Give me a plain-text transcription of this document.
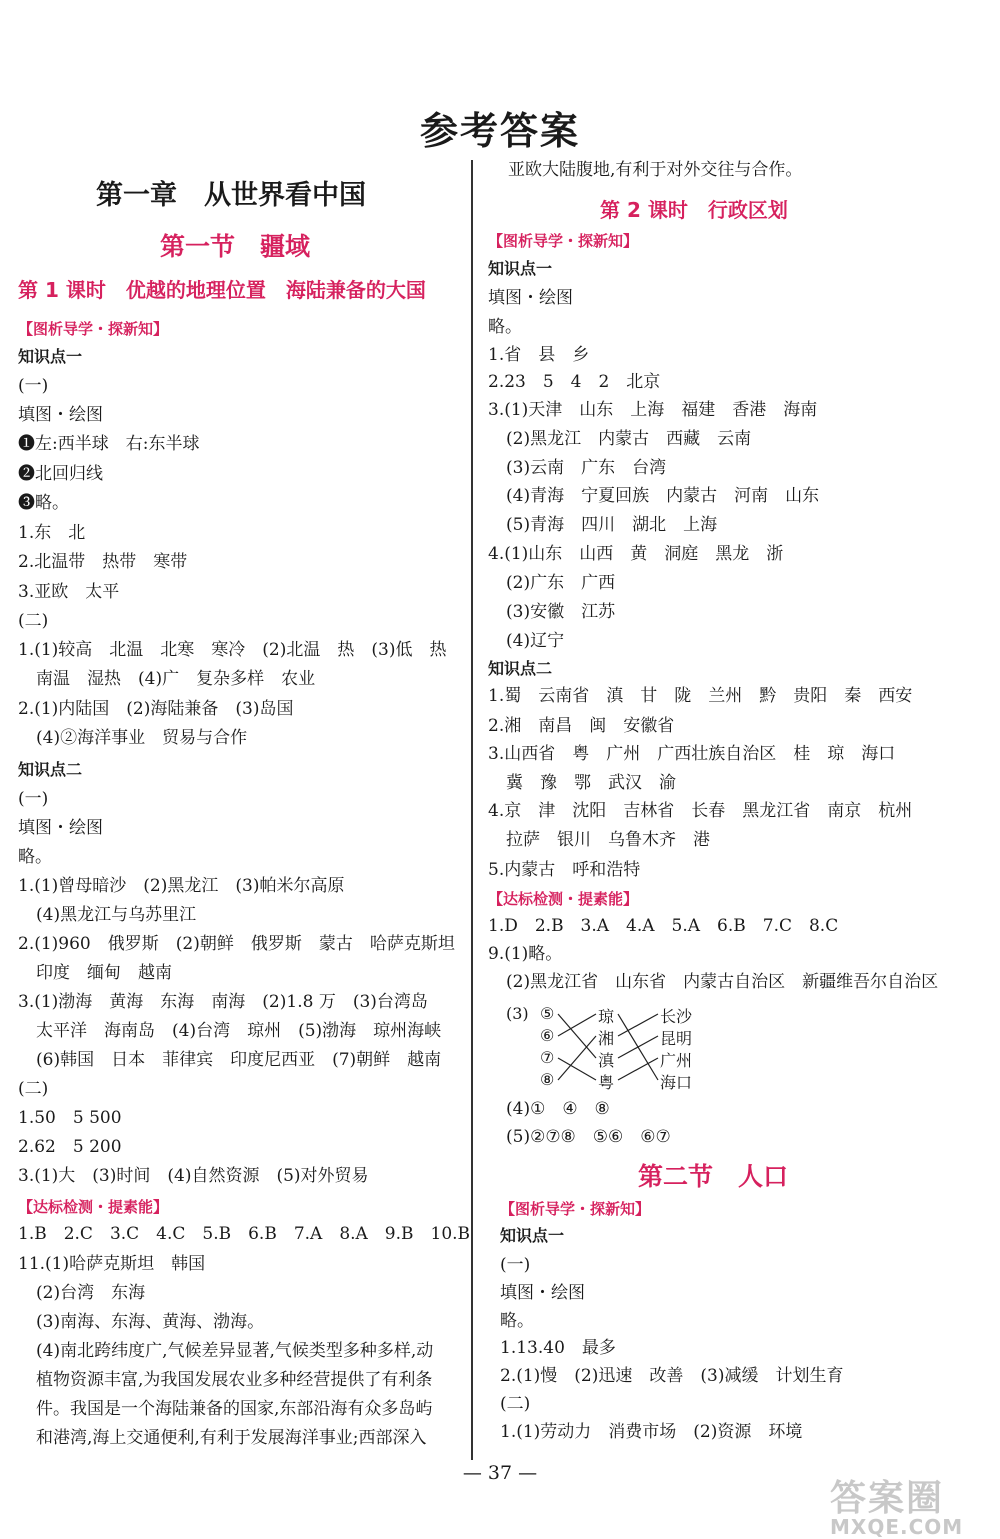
参考答案
第一章　从世界看中国
第一节　疆域
第 1 课时　优越的地理位置　海陆兼备的大国
【图析导学・探新知】
知识点一
(一)
填图・绘图
❶左:西半球　右:东半球
❷北回归线
❸略。
1.东　北
2.北温带　热带　寒带
3.亚欧　太平
(二)
1.(1)较高　北温　北寒　寒冷　(2)北温　热　(3)低　热
南温　湿热　(4)广　复杂多样　农业
2.(1)内陆国　(2)海陆兼备　(3)岛国
(4)②海洋事业　贸易与合作
知识点二
(一)
填图・绘图
略。
1.(1)曾母暗沙　(2)黑龙江　(3)帕米尔高原
(4)黑龙江与乌苏里江
2.(1)960　俄罗斯　(2)朝鲜　俄罗斯　蒙古　哈萨克斯坦
印度　缅甸　越南
3.(1)渤海　黄海　东海　南海　(2)1.8 万　(3)台湾岛
太平洋　海南岛　(4)台湾　琼州　(5)渤海　琼州海峡
(6)韩国　日本　菲律宾　印度尼西亚　(7)朝鲜　越南
(二)
1.50　5 500
2.62　5 200
3.(1)大　(3)时间　(4)自然资源　(5)对外贸易
【达标检测・提素能】
1.B　2.C　3.C　4.C　5.B　6.B　7.A　8.A　9.B　10.B
11.(1)哈萨克斯坦　韩国
(2)台湾　东海
(3)南海、东海、黄海、渤海。
(4)南北跨纬度广,气候差异显著,气候类型多种多样,动
植物资源丰富,为我国发展农业多种经营提供了有利条
件。我国是一个海陆兼备的国家,东部沿海有众多岛屿
和港湾,海上交通便利,有利于发展海洋事业;西部深入
亚欧大陆腹地,有利于对外交往与合作。
第 2 课时　行政区划
【图析导学・探新知】
知识点一
填图・绘图
略。
1.省　县　乡
2.23　5　4　2　北京
3.(1)天津　山东　上海　福建　香港　海南
(2)黑龙江　内蒙古　西藏　云南
(3)云南　广东　台湾
(4)青海　宁夏回族　内蒙古　河南　山东
(5)青海　四川　湖北　上海
4.(1)山东　山西　黄　洞庭　黑龙　浙
(2)广东　广西
(3)安徽　江苏
(4)辽宁
知识点二
1.蜀　云南省　滇　甘　陇　兰州　黔　贵阳　秦　西安
2.湘　南昌　闽　安徽省
3.山西省　粤　广州　广西壮族自治区　桂　琼　海口
冀　豫　鄂　武汉　渝
4.京　津　沈阳　吉林省　长春　黑龙江省　南京　杭州
拉萨　银川　乌鲁木齐　港
5.内蒙古　呼和浩特
【达标检测・提素能】
1.D　2.B　3.A　4.A　5.A　6.B　7.C　8.C
9.(1)略。
(2)黑龙江省　山东省　内蒙古自治区　新疆维吾尔自治区
(3) ⑤
⑥
⑦
⑧
琼
湘
滇
粤
长沙
昆明
广州
海口
(4)①　④　⑧
(5)②⑦⑧　⑤⑥　⑥⑦
第二节　人口
【图析导学・探新知】
知识点一
(一)
填图・绘图
略。
1.13.40　最多
2.(1)慢　(2)迅速　改善　(3)减缓　计划生育
(二)
1.(1)劳动力　消费市场　(2)资源　环境
— 37 —
答案圈
MXQE.COM
